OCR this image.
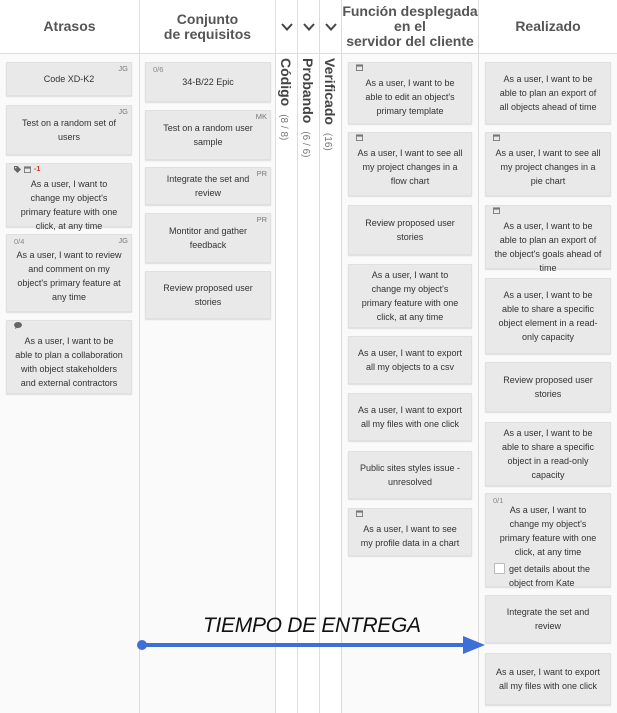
Atrasos	Conjunto
de requisitos
Función desplegada
en el
servidor del cliente
Realizado
Código(8 / 8)
Probando(6 / 6)
Verificado(16)
JG
Code XD-K2
JG
Test on a random set of users
-1
As a user, I want to change my object's primary feature with one click, at any time
0/4	JG
As a user, I want to review and comment on my object's primary feature at any time
As a user, I want to be able to plan a collaboration with object stakeholders and external contractors
0/6
34-B/22 Epic
MK
Test on a random user sample
PR
Integrate the set and review
PR
Montitor and gather feedback
Review proposed user stories
As a user, I want to be able to edit an object's primary template
As a user, I want to see all my project changes in a flow chart
Review proposed user stories
As a user, I want to change my object's primary feature with one click, at any time
As a user, I want to export all my objects to a csv
As a user, I want to export all my files with one click
Public sites styles issue - unresolved
As a user, I want to see my profile data in a chart
As a user, I want to be able to plan an export of all objects ahead of time
As a user, I want to see all my project changes in a pie chart
As a user, I want to be able to plan an export of the object's goals ahead of time
As a user, I want to be able to share a specific object element in a read-only capacity
Review proposed user stories
As a user, I want to be able to share a specific object in a read-only capacity
0/1
As a user, I want to change my object's primary feature with one click, at any time
get details about the object from Kate
Integrate the set and review
As a user, I want to export all my files with one click
TIEMPO DE ENTREGA
